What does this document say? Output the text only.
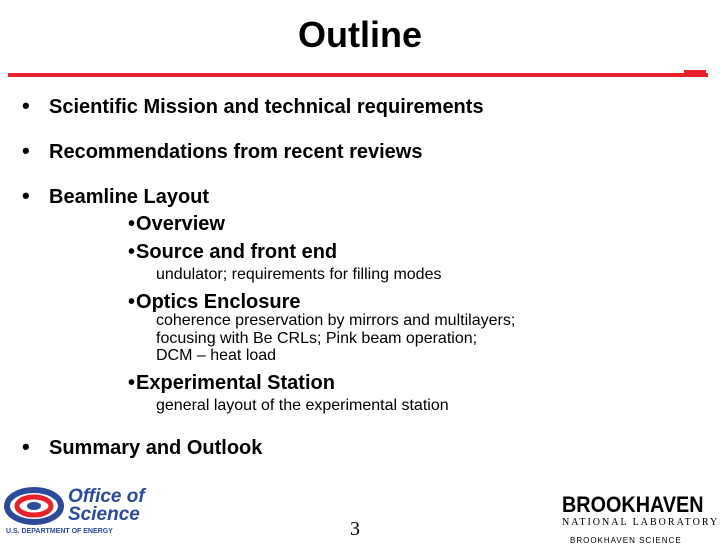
Outline
• Scientific Mission and technical requirements
• Recommendations from recent reviews
• Beamline Layout
•Overview
•Source and front end
undulator; requirements for filling modes
•Optics Enclosure
coherence preservation by mirrors and multilayers;
focusing with Be CRLs; Pink beam operation;
DCM – heat load
•Experimental Station
general layout of the experimental station
• Summary and Outlook
Office of
Science
U.S. DEPARTMENT OF ENERGY	3
BROOKHAVEN
NATIONAL LABORATORY
BROOKHAVEN SCIENCE
